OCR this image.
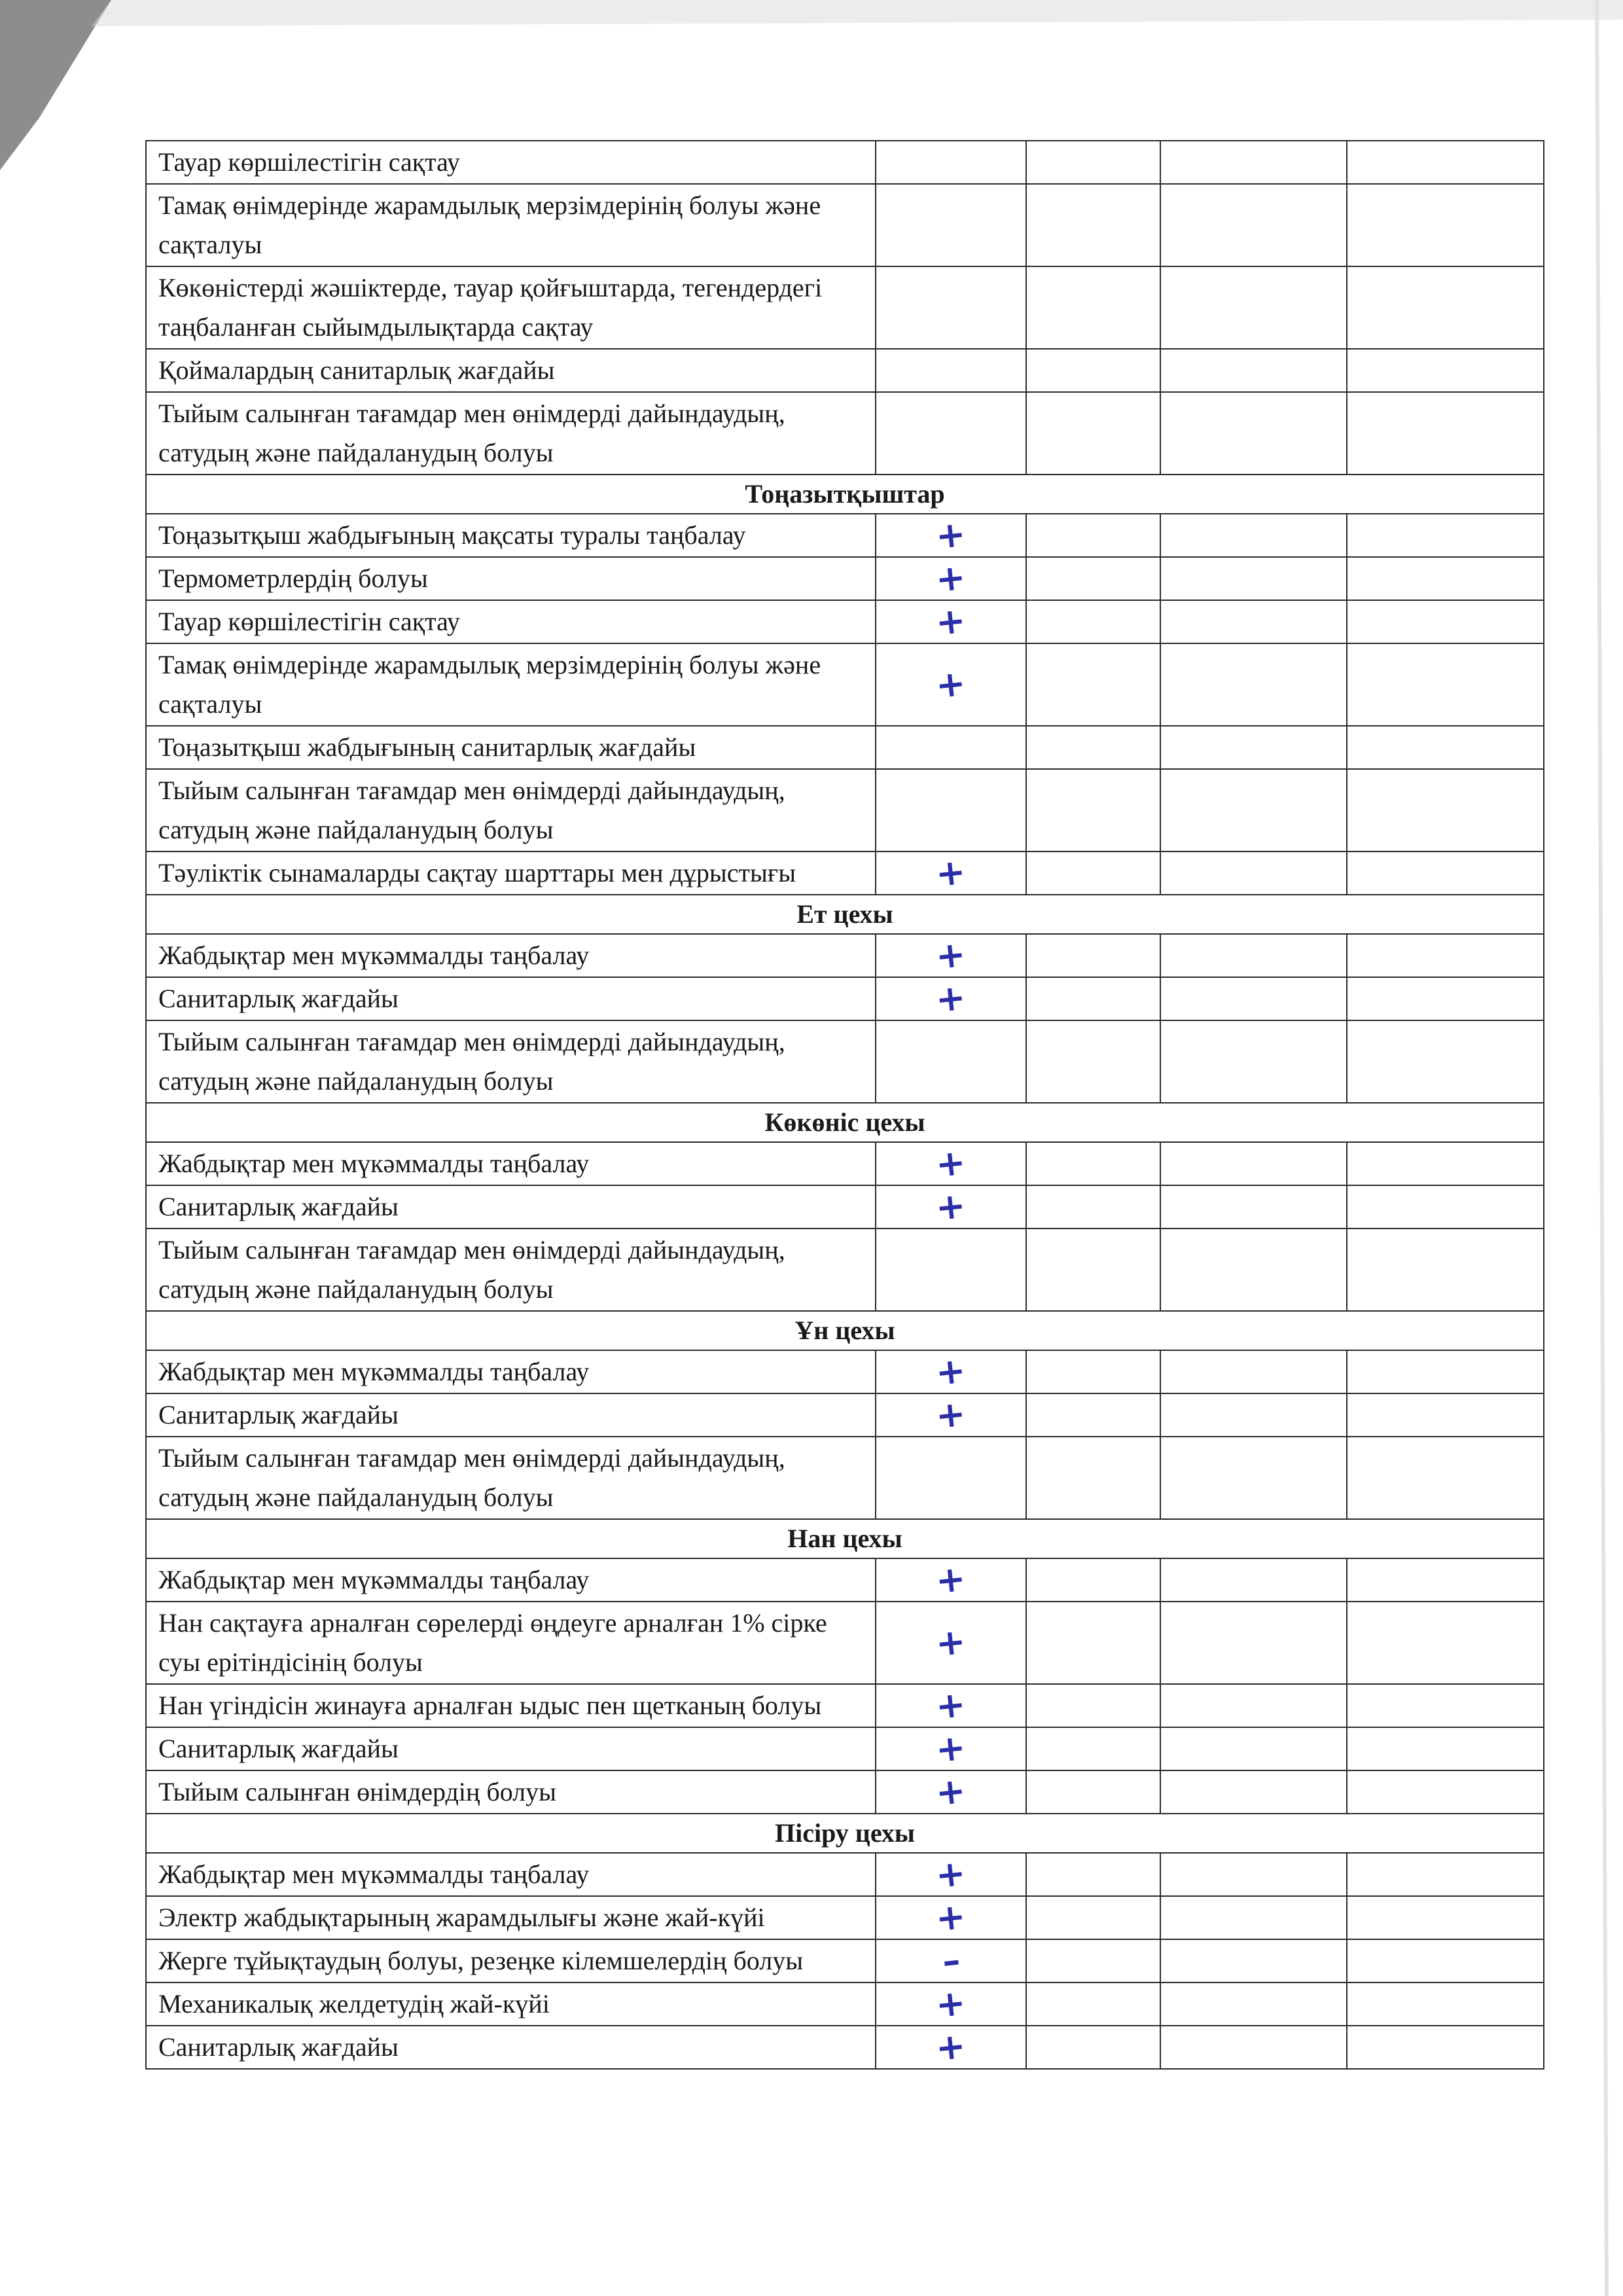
Тауар көршілестігін сақтау				
Тамақ өнімдерінде жарамдылық мерзімдерінің болуы және сақталуы				
Көкөністерді жәшіктерде, тауар қойғыштарда, тегендердегі таңбаланған сыйымдылықтарда сақтау				
Қоймалардың санитарлық жағдайы				
Тыйым салынған тағамдар мен өнімдерді дайындаудың, сатудың және пайдаланудың болуы				
Тоңазытқыштар				
Тоңазытқыш жабдығының мақсаты туралы таңбалау	+			
Термометрлердің болуы	+			
Тауар көршілестігін сақтау	+			
Тамақ өнімдерінде жарамдылық мерзімдерінің болуы және сақталуы	+			
Тоңазытқыш жабдығының санитарлық жағдайы				
Тыйым салынған тағамдар мен өнімдерді дайындаудың, сатудың және пайдаланудың болуы				
Тәуліктік сынамаларды сақтау шарттары мен дұрыстығы	+			
Ет цехы				
Жабдықтар мен мүкәммалды таңбалау	+			
Санитарлық жағдайы	+			
Тыйым салынған тағамдар мен өнімдерді дайындаудың, сатудың және пайдаланудың болуы				
Көкөніс цехы				
Жабдықтар мен мүкәммалды таңбалау	+			
Санитарлық жағдайы	+			
Тыйым салынған тағамдар мен өнімдерді дайындаудың, сатудың және пайдаланудың болуы				
Ұн цехы				
Жабдықтар мен мүкәммалды таңбалау	+			
Санитарлық жағдайы	+			
Тыйым салынған тағамдар мен өнімдерді дайындаудың, сатудың және пайдаланудың болуы				
Нан цехы				
Жабдықтар мен мүкәммалды таңбалау	+			
Нан сақтауға арналған сөрелерді өңдеуге арналған 1% сірке суы ерітіндісінің болуы	+			
Нан үгіндісін жинауға арналған ыдыс пен щетканың болуы	+			
Санитарлық жағдайы	+			
Тыйым салынған өнімдердің болуы	+			
Пісіру цехы				
Жабдықтар мен мүкәммалды таңбалау	+			
Электр жабдықтарының жарамдылығы және жай-күйі	+			
Жерге тұйықтаудың болуы, резеңке кілемшелердің болуы	–			
Механикалық желдетудің жай-күйі	+			
Санитарлық жағдайы	+			
